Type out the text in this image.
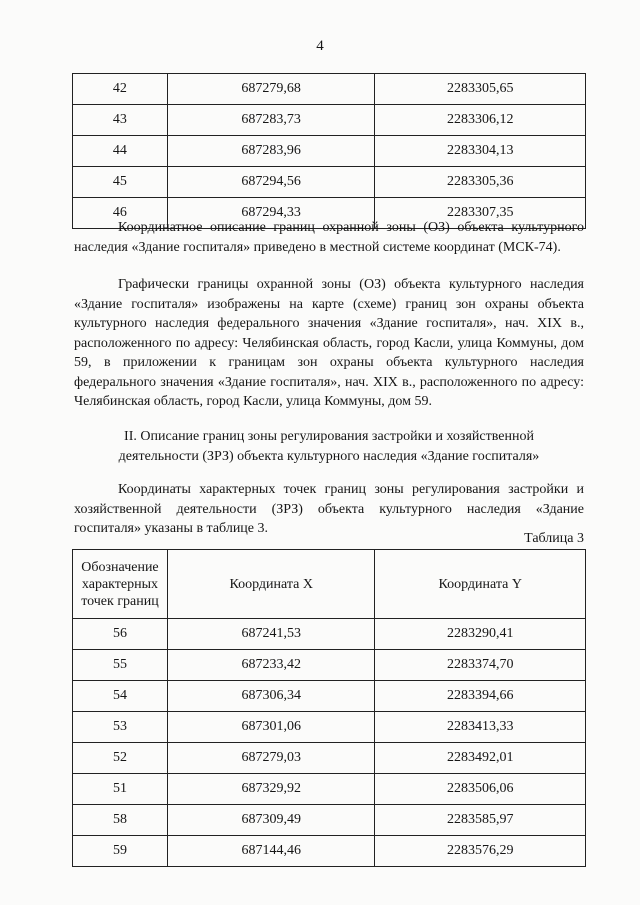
4
42	687279,68	2283305,65
43	687283,73	2283306,12
44	687283,96	2283304,13
45	687294,56	2283305,36
46	687294,33	2283307,35

Координатное описание границ охранной зоны (ОЗ) объекта культурного наследия «Здание госпиталя» приведено в местной системе координат (МСК-74).

Графически границы охранной зоны (ОЗ) объекта культурного наследия «Здание госпиталя» изображены на карте (схеме) границ зон охраны объекта культурного наследия федерального значения «Здание госпиталя», нач. XIX в., расположенного по адресу: Челябинская область, город Касли, улица Коммуны, дом 59, в приложении к границам зон охраны объекта культурного наследия федерального значения «Здание госпиталя», нач. XIX в., расположенного по адресу: Челябинская область, город Касли, улица Коммуны, дом 59.

II. Описание границ зоны регулирования застройки и хозяйственной
деятельности (ЗРЗ) объекта культурного наследия «Здание госпиталя»

Координаты характерных точек границ зоны регулирования застройки и хозяйственной деятельности (ЗРЗ) объекта культурного наследия «Здание госпиталя» указаны в таблице 3.

Таблица 3
Обозначение
характерных
точек границ	Координата X	Координата Y
56	687241,53	2283290,41
55	687233,42	2283374,70
54	687306,34	2283394,66
53	687301,06	2283413,33
52	687279,03	2283492,01
51	687329,92	2283506,06
58	687309,49	2283585,97
59	687144,46	2283576,29
